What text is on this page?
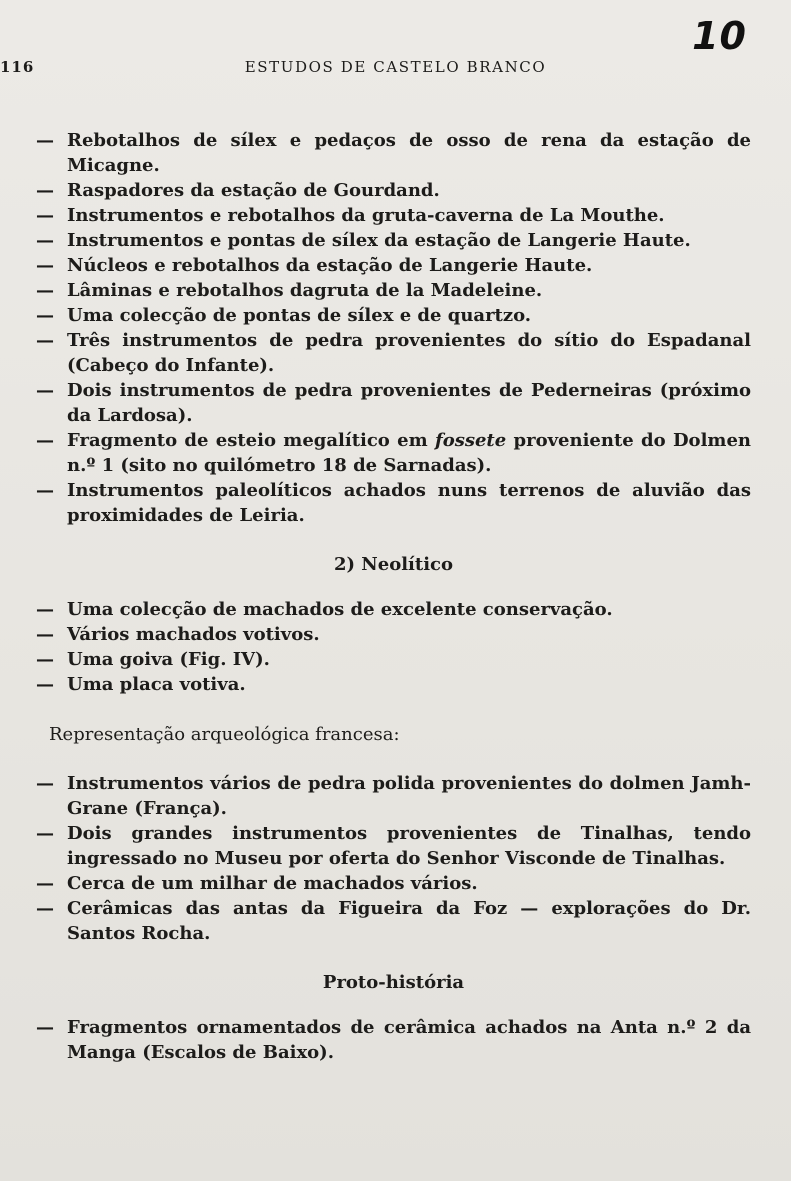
10
116	ESTUDOS DE CASTELO BRANCO
— Rebotalhos de sílex e pedaços de osso de rena da estação de Micagne.
— Raspadores da estação de Gourdand.
— Instrumentos e rebotalhos da gruta-caverna de La Mouthe.
— Instrumentos e pontas de sílex da estação de Langerie Haute.
— Núcleos e rebotalhos da estação de Langerie Haute.
— Lâminas e rebotalhos dagruta de la Madeleine.
— Uma colecção de pontas de sílex e de quartzo.
— Três instrumentos de pedra provenientes do sítio do Espadanal (Cabeço do Infante).
— Dois instrumentos de pedra provenientes de Pederneiras (próximo da Lardosa).
— Fragmento de esteio megalítico em fossete proveniente do Dolmen n.º 1 (sito no quilómetro 18 de Sarnadas).
— Instrumentos paleolíticos achados nuns terrenos de aluvião das proximidades de Leiria.
2) Neolítico
— Uma colecção de machados de excelente conservação.
— Vários machados votivos.
— Uma goiva (Fig. IV).
— Uma placa votiva.
Representação arqueológica francesa:
— Instrumentos vários de pedra polida provenientes do dolmen Jamh-Grane (França).
— Dois grandes instrumentos provenientes de Tinalhas, tendo ingressado no Museu por oferta do Senhor Visconde de Tinalhas.
— Cerca de um milhar de machados vários.
— Cerâmicas das antas da Figueira da Foz — explorações do Dr. Santos Rocha.
Proto-história
— Fragmentos ornamentados de cerâmica achados na Anta n.º 2 da Manga (Escalos de Baixo).
